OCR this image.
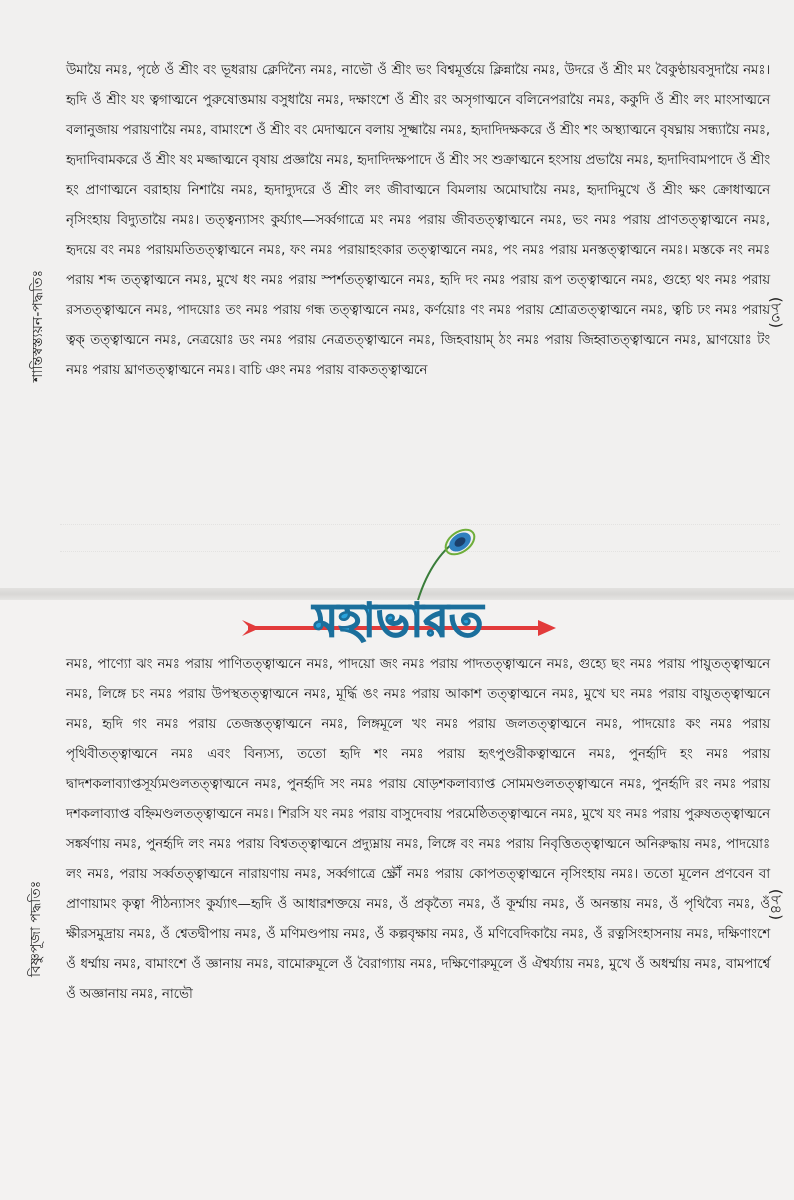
শান্তিস্বস্ত্যয়ন-পদ্ধতিঃ	(৮৩)
উমায়ৈ নমঃ, পৃষ্ঠে ওঁ শ্রীং বং ভূধরায় ক্লেদিন্যৈ নমঃ, নাভৌ ওঁ শ্রীং ভং বিশ্বমূর্ত্তয়ে ক্লিন্নায়ৈ নমঃ, উদরে ওঁ শ্রীং মং বৈকুণ্ঠায়বসুদায়ৈ নমঃ। হৃদি ওঁ শ্রীং যং ত্বগাত্মনে পুরুষোত্তমায় বসুধায়ৈ নমঃ, দক্ষাংশে ওঁ শ্রীং রং অসৃগাত্মনে বলিনেপরায়ৈ নমঃ, ককুদি ওঁ শ্রীং লং মাংসাত্মনে বলানুজায় পরায়ণায়ৈ নমঃ, বামাংশে ওঁ শ্রীং বং মেদাত্মনে বলায় সূক্ষ্মায়ৈ নমঃ, হৃদাদিদক্ষকরে ওঁ শ্রীং শং অস্থ্যাত্মনে বৃষঘ্নায় সন্ধ্যায়ৈ নমঃ, হৃদাদিবামকরে ওঁ শ্রীং ষং মজ্জাত্মনে বৃষায় প্রজ্ঞায়ৈ নমঃ, হৃদাদিদক্ষপাদে ওঁ শ্রীং সং শুক্রাত্মনে হংসায় প্রভায়ৈ নমঃ, হৃদাদিবামপাদে ওঁ শ্রীং হং প্রাণাত্মনে বরাহায় নিশায়ৈ নমঃ, হৃদাদ্যুদরে ওঁ শ্রীং লং জীবাত্মনে বিমলায় অমোঘায়ৈ নমঃ, হৃদাদিমুখে ওঁ শ্রীং ক্ষং ক্রোধাত্মনে নৃসিংহায় বিদ্যুতায়ৈ নমঃ। তত্ত্বন্যাসং কুর্য্যাৎ—সর্ব্বগাত্রে মং নমঃ পরায় জীবতত্ত্বাত্মনে নমঃ, ভং নমঃ পরায় প্রাণতত্ত্বাত্মনে নমঃ, হৃদয়ে বং নমঃ পরায়মতিতত্ত্বাত্মনে নমঃ, ফং নমঃ পরায়াহংকার তত্ত্বাত্মনে নমঃ, পং নমঃ পরায় মনস্তত্ত্বাত্মনে নমঃ। মস্তকে নং নমঃ পরায় শব্দ তত্ত্বাত্মনে নমঃ, মুখে ধং নমঃ পরায় স্পর্শতত্ত্বাত্মনে নমঃ, হৃদি দং নমঃ পরায় রূপ তত্ত্বাত্মনে নমঃ, গুহ্যে থং নমঃ পরায় রসতত্ত্বাত্মনে নমঃ, পাদয়োঃ তং নমঃ পরায় গন্ধ তত্ত্বাত্মনে নমঃ, কর্ণয়োঃ ণং নমঃ পরায় শ্রোত্রতত্ত্বাত্মনে নমঃ, ত্বচি ঢং নমঃ পরায় ত্বক্ তত্ত্বাত্মনে নমঃ, নেত্রয়োঃ ডং নমঃ পরায় নেত্রতত্ত্বাত্মনে নমঃ, জিহবায়াম্ ঠং নমঃ পরায় জিহ্বাতত্ত্বাত্মনে নমঃ, ঘ্রাণয়োঃ টং নমঃ পরায় ঘ্রাণতত্ত্বাত্মনে নমঃ। বাচি ঞং নমঃ পরায় বাকতত্ত্বাত্মনে
মহাভারত
বিষ্ণুপূজা পদ্ধতিঃ	(৮৪)
নমঃ, পাণ্যো ঝং নমঃ পরায় পাণিতত্ত্বাত্মনে নমঃ, পাদয়ো জং নমঃ পরায় পাদতত্ত্বাত্মনে নমঃ, গুহ্যে ছং নমঃ পরায় পায়ুতত্ত্বাত্মনে নমঃ, লিঙ্গে চং নমঃ পরায় উপস্থতত্ত্বাত্মনে নমঃ, মূর্দ্ধি ঙং নমঃ পরায় আকাশ তত্ত্বাত্মনে নমঃ, মুখে ঘং নমঃ পরায় বায়ুতত্ত্বাত্মনে নমঃ, হৃদি গং নমঃ পরায় তেজস্তত্ত্বাত্মনে নমঃ, লিঙ্গমূলে খং নমঃ পরায় জলতত্ত্বাত্মনে নমঃ, পাদয়োঃ কং নমঃ পরায় পৃথিবীতত্ত্বাত্মনে নমঃ এবং বিন্যস্য, ততো হৃদি শং নমঃ পরায় হৃৎপুণ্ডরীকত্বাত্মনে নমঃ, পুনর্হৃদি হং নমঃ পরায় দ্বাদশকলাব্যাপ্তসূর্য্যমণ্ডলতত্ত্বাত্মনে নমঃ, পুনর্হৃদি সং নমঃ পরায় ষোড়শকলাব্যাপ্ত সোমমণ্ডলতত্ত্বাত্মনে নমঃ, পুনর্হৃদি রং নমঃ পরায় দশকলাব্যাপ্ত বহ্নিমণ্ডলতত্ত্বাত্মনে নমঃ। শিরসি যং নমঃ পরায় বাসুদেবায় পরমেষ্ঠিতত্ত্বাত্মনে নমঃ, মুখে যং নমঃ পরায় পুরুষতত্ত্বাত্মনে সঙ্কর্ষণায় নমঃ, পুনর্হৃদি লং নমঃ পরায় বিশ্বতত্ত্বাত্মনে প্রদ্যুম্নায় নমঃ, লিঙ্গে বং নমঃ পরায় নিবৃত্তিতত্ত্বাত্মনে অনিরুদ্ধায় নমঃ, পাদয়োঃ লং নমঃ, পরায় সর্ব্বতত্ত্বাত্মনে নারায়ণায় নমঃ, সর্ব্বগাত্রে ক্ষ্রৌঁ নমঃ পরায় কোপতত্ত্বাত্মনে নৃসিংহায় নমঃ। ততো মূলেন প্রণবেন বা প্রাণায়ামং কৃত্বা পীঠন্যাসং কুর্য্যাৎ—হৃদি ওঁ আধারশক্তয়ে নমঃ, ওঁ প্রকৃত্যৈ নমঃ, ওঁ কূর্ম্মায় নমঃ, ওঁ অনন্তায় নমঃ, ওঁ পৃথিব্যৈ নমঃ, ওঁ ক্ষীরসমুদ্রায় নমঃ, ওঁ শ্বেতদ্বীপায় নমঃ, ওঁ মণিমণ্ডপায় নমঃ, ওঁ কল্পবৃক্ষায় নমঃ, ওঁ মণিবেদিকায়ৈ নমঃ, ওঁ রত্নসিংহাসনায় নমঃ, দক্ষিণাংশে ওঁ ধর্ম্মায় নমঃ, বামাংশে ওঁ জ্ঞানায় নমঃ, বামোরুমূলে ওঁ বৈরাগ্যায় নমঃ, দক্ষিণোরুমূলে ওঁ ঐশ্বর্য্যায় নমঃ, মুখে ওঁ অধর্ম্মায় নমঃ, বামপার্শ্বে ওঁ অজ্ঞানায় নমঃ, নাভৌ
